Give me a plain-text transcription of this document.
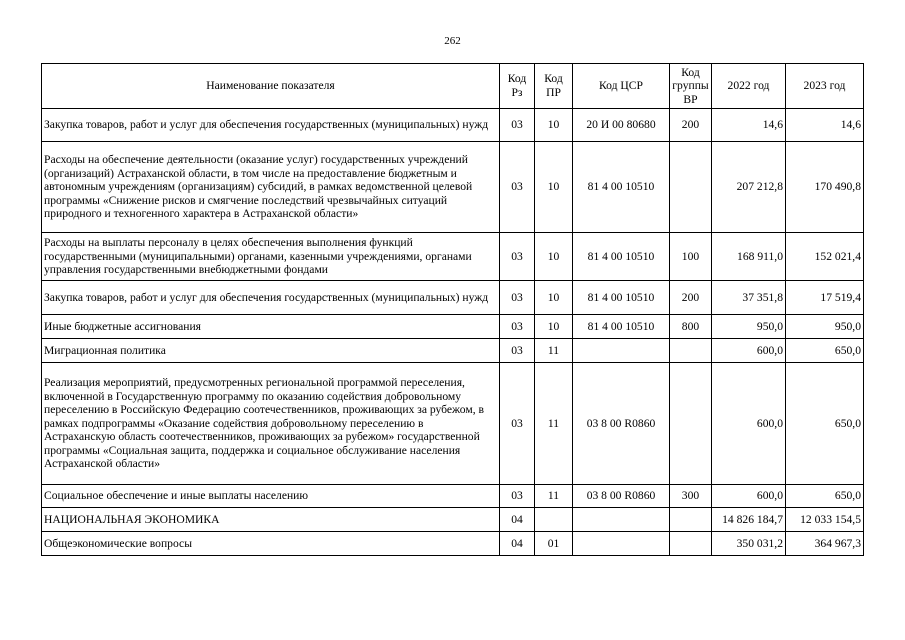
262
Наименование показателя	Код Рз	Код ПР	Код ЦСР	Код группы ВР	2022 год	2023 год
Закупка товаров, работ и услуг для обеспечения государственных (муниципальных) нужд	03	10	20 И 00 80680	200	14,6	14,6
Расходы на обеспечение деятельности (оказание услуг) государственных учреждений (организаций) Астраханской области, в том числе на предоставление бюджетным и автономным учреждениям (организациям) субсидий, в рамках ведомственной целевой программы «Снижение рисков и смягчение последствий чрезвычайных ситуаций природного и техногенного характера в Астраханской области»	03	10	81 4 00 10510		207 212,8	170 490,8
Расходы на выплаты персоналу в целях обеспечения выполнения функций государственными (муниципальными) органами, казенными учреждениями, органами управления государственными внебюджетными фондами	03	10	81 4 00 10510	100	168 911,0	152 021,4
Закупка товаров, работ и услуг для обеспечения государственных (муниципальных) нужд	03	10	81 4 00 10510	200	37 351,8	17 519,4
Иные бюджетные ассигнования	03	10	81 4 00 10510	800	950,0	950,0
Миграционная политика	03	11			600,0	650,0
Реализация мероприятий, предусмотренных региональной программой переселения, включенной в Государственную программу по оказанию содействия добровольному переселению в Российскую Федерацию соотечественников, проживающих за рубежом, в рамках подпрограммы «Оказание содействия добровольному переселению в Астраханскую область соотечественников, проживающих за рубежом» государственной программы «Социальная защита, поддержка и социальное обслуживание населения Астраханской области»	03	11	03 8 00 R0860		600,0	650,0
Социальное обеспечение и иные выплаты населению	03	11	03 8 00 R0860	300	600,0	650,0
НАЦИОНАЛЬНАЯ ЭКОНОМИКА	04				14 826 184,7	12 033 154,5
Общеэкономические вопросы	04	01			350 031,2	364 967,3
